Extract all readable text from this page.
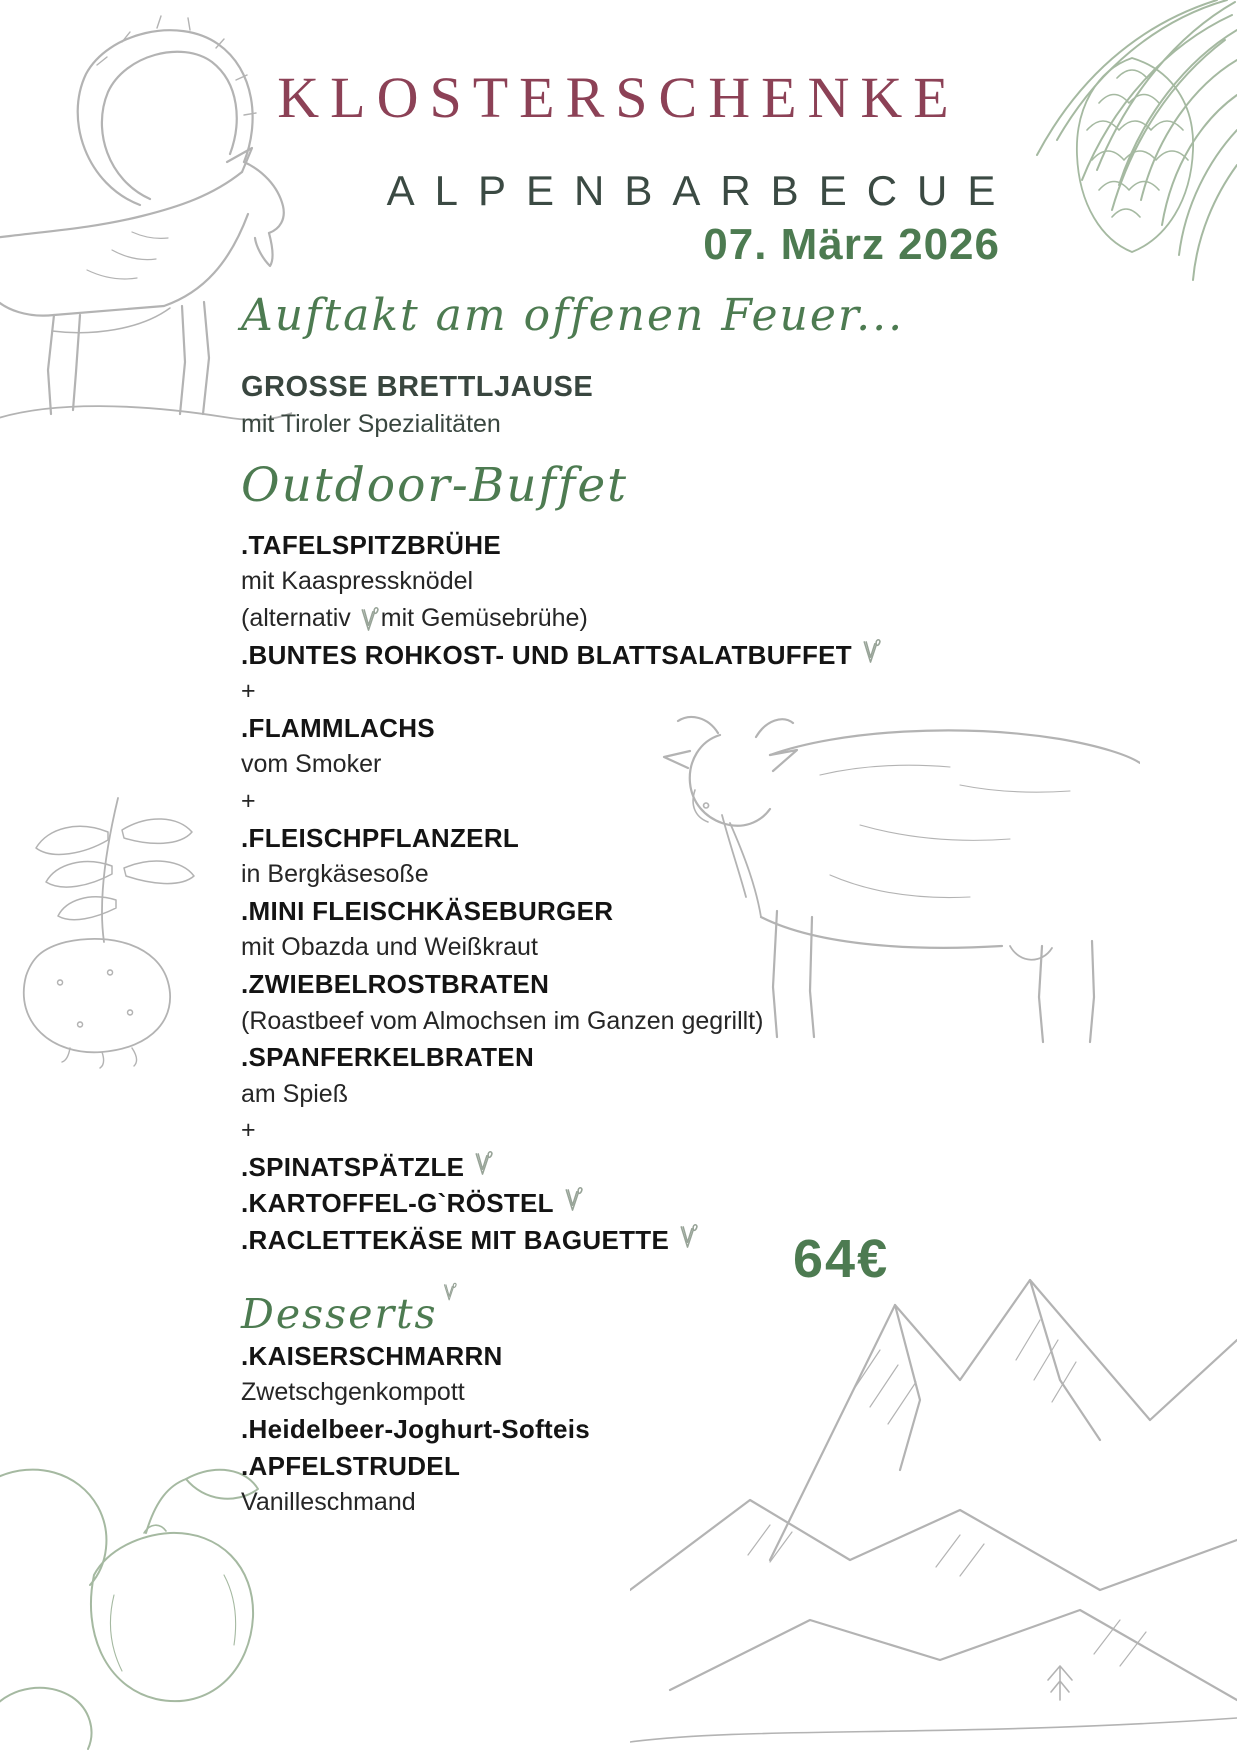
KLOSTERSCHENKE
ALPENBARBECUE
07. März 2026
Auftakt am offenen Feuer...
GROSSE BRETTLJAUSE
mit Tiroler Spezialitäten
Outdoor-Buffet
.TAFELSPITZBRÜHE
mit Kaaspressknödel
(alternativ mit Gemüsebrühe)
.BUNTES ROHKOST- UND BLATTSALATBUFFET
+
.FLAMMLACHS
vom Smoker
+
.FLEISCHPFLANZERL
in Bergkäsesoße
.MINI FLEISCHKÄSEBURGER
mit Obazda und Weißkraut
.ZWIEBELROSTBRATEN
(Roastbeef vom Almochsen im Ganzen gegrillt)
.SPANFERKELBRATEN
am Spieß
+
.SPINATSPÄTZLE
.KARTOFFEL-G`RÖSTEL
.RACLETTEKÄSE MIT BAGUETTE 64€
Desserts
.KAISERSCHMARRN
Zwetschgenkompott
.Heidelbeer-Joghurt-Softeis
.APFELSTRUDEL
Vanilleschmand
